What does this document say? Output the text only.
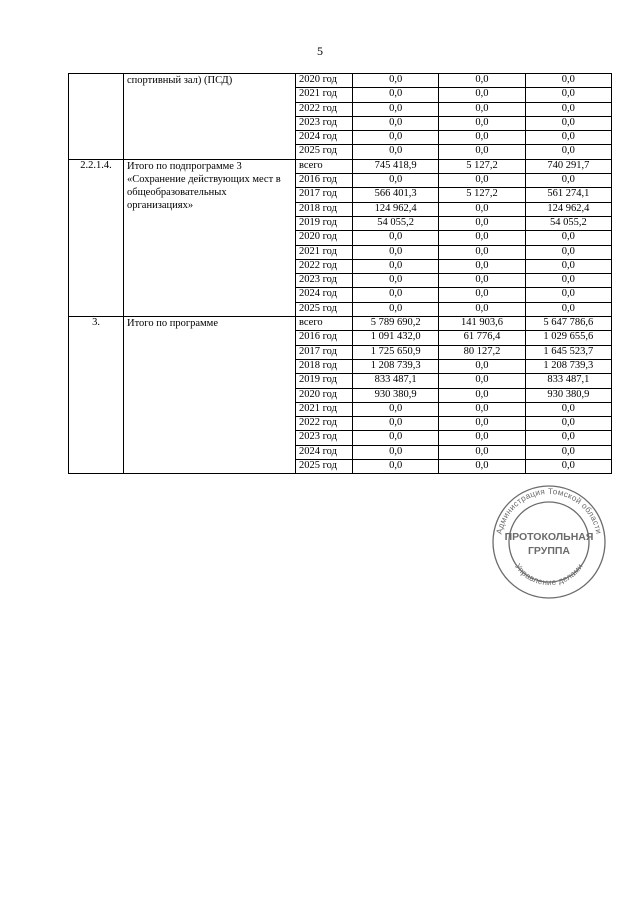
5
	спортивный зал) (ПСД)	2020 год	0,0	0,0	0,0
		2021 год	0,0	0,0	0,0
		2022 год	0,0	0,0	0,0
		2023 год	0,0	0,0	0,0
		2024 год	0,0	0,0	0,0
		2025 год	0,0	0,0	0,0
2.2.1.4.	Итого по подпрограмме 3 «Сохранение действующих мест в общеобразовательных организациях»	всего	745 418,9	5 127,2	740 291,7
		2016 год	0,0	0,0	0,0
		2017 год	566 401,3	5 127,2	561 274,1
		2018 год	124 962,4	0,0	124 962,4
		2019 год	54 055,2	0,0	54 055,2
		2020 год	0,0	0,0	0,0
		2021 год	0,0	0,0	0,0
		2022 год	0,0	0,0	0,0
		2023 год	0,0	0,0	0,0
		2024 год	0,0	0,0	0,0
		2025 год	0,0	0,0	0,0
3.	Итого по программе	всего	5 789 690,2	141 903,6	5 647 786,6
		2016 год	1 091 432,0	61 776,4	1 029 655,6
		2017 год	1 725 650,9	80 127,2	1 645 523,7
		2018 год	1 208 739,3	0,0	1 208 739,3
		2019 год	833 487,1	0,0	833 487,1
		2020 год	930 380,9	0,0	930 380,9
		2021 год	0,0	0,0	0,0
		2022 год	0,0	0,0	0,0
		2023 год	0,0	0,0	0,0
		2024 год	0,0	0,0	0,0
		2025 год	0,0	0,0	0,0
Администрация Томской области
Управление делами
ПРОТОКОЛЬНАЯ
ГРУППА
